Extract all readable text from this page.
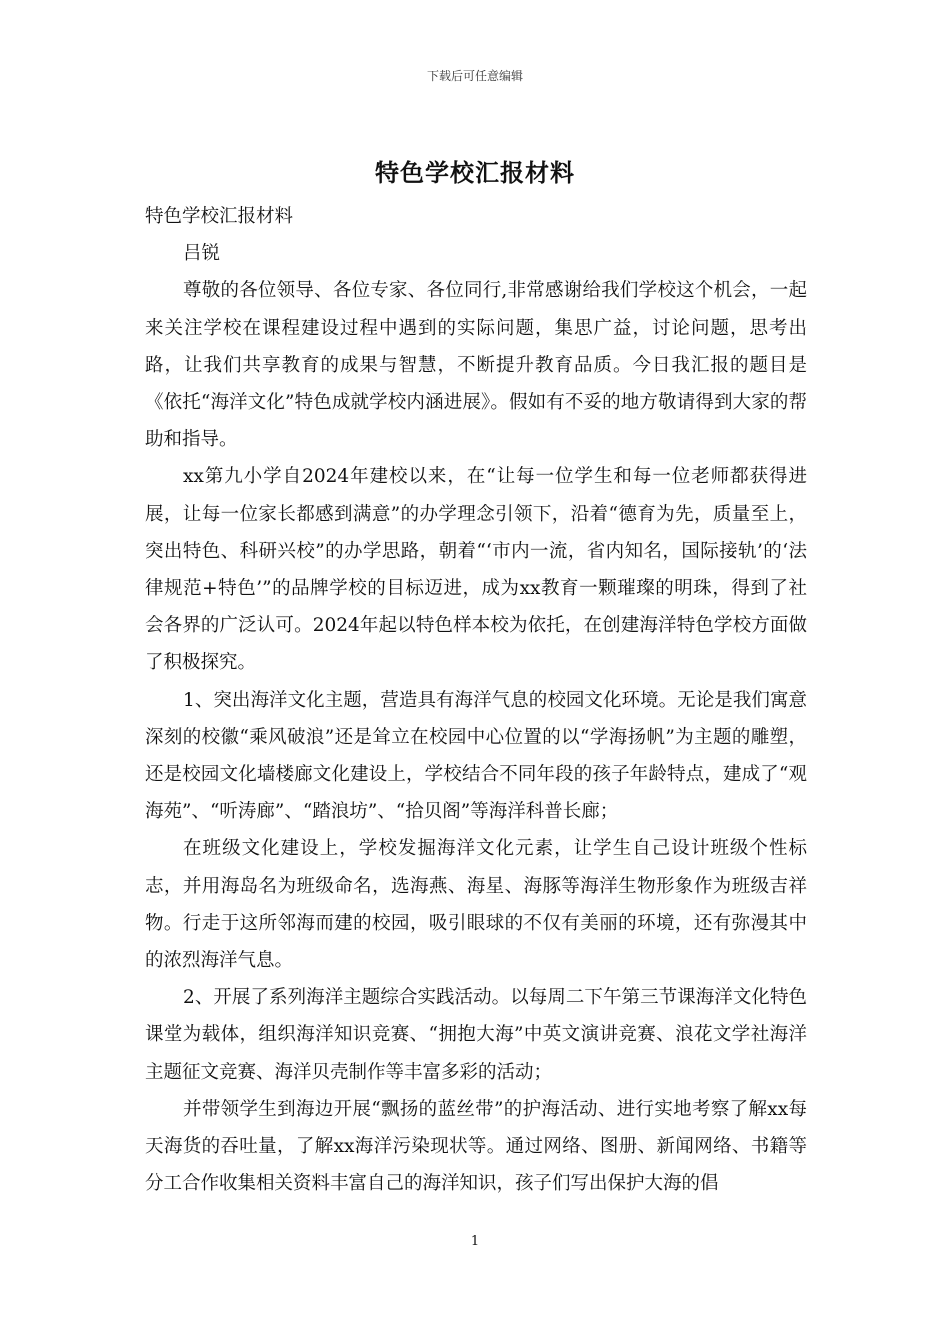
下载后可任意编辑
特色学校汇报材料

特色学校汇报材料

吕锐

尊敬的各位领导、各位专家、各位同行,非常感谢给我们学校这个机会，一起来关注学校在课程建设过程中遇到的实际问题，集思广益，讨论问题，思考出路，让我们共享教育的成果与智慧，不断提升教育品质。今日我汇报的题目是《依托“海洋文化”特色成就学校内涵进展》。假如有不妥的地方敬请得到大家的帮助和指导。

xx第九小学自2024年建校以来，在“让每一位学生和每一位老师都获得进展，让每一位家长都感到满意”的办学理念引领下，沿着“德育为先，质量至上，突出特色、科研兴校”的办学思路，朝着“‘市内一流，省内知名，国际接轨’的‘法律规范+特色’”的品牌学校的目标迈进，成为xx教育一颗璀璨的明珠，得到了社会各界的广泛认可。2024年起以特色样本校为依托，在创建海洋特色学校方面做了积极探究。

1、突出海洋文化主题，营造具有海洋气息的校园文化环境。无论是我们寓意深刻的校徽“乘风破浪”还是耸立在校园中心位置的以“学海扬帆”为主题的雕塑，还是校园文化墙楼廊文化建设上，学校结合不同年段的孩子年龄特点，建成了“观海苑”、“听涛廊”、“踏浪坊”、“拾贝阁”等海洋科普长廊；

在班级文化建设上，学校发掘海洋文化元素，让学生自己设计班级个性标志，并用海岛名为班级命名，选海燕、海星、海豚等海洋生物形象作为班级吉祥物。行走于这所邻海而建的校园，吸引眼球的不仅有美丽的环境，还有弥漫其中的浓烈海洋气息。

2、开展了系列海洋主题综合实践活动。以每周二下午第三节课海洋文化特色课堂为载体，组织海洋知识竞赛、“拥抱大海”中英文演讲竞赛、浪花文学社海洋主题征文竞赛、海洋贝壳制作等丰富多彩的活动；

并带领学生到海边开展“飘扬的蓝丝带”的护海活动、进行实地考察了解xx每天海货的吞吐量，了解xx海洋污染现状等。通过网络、图册、新闻网络、书籍等分工合作收集相关资料丰富自己的海洋知识，孩子们写出保护大海的倡

1
